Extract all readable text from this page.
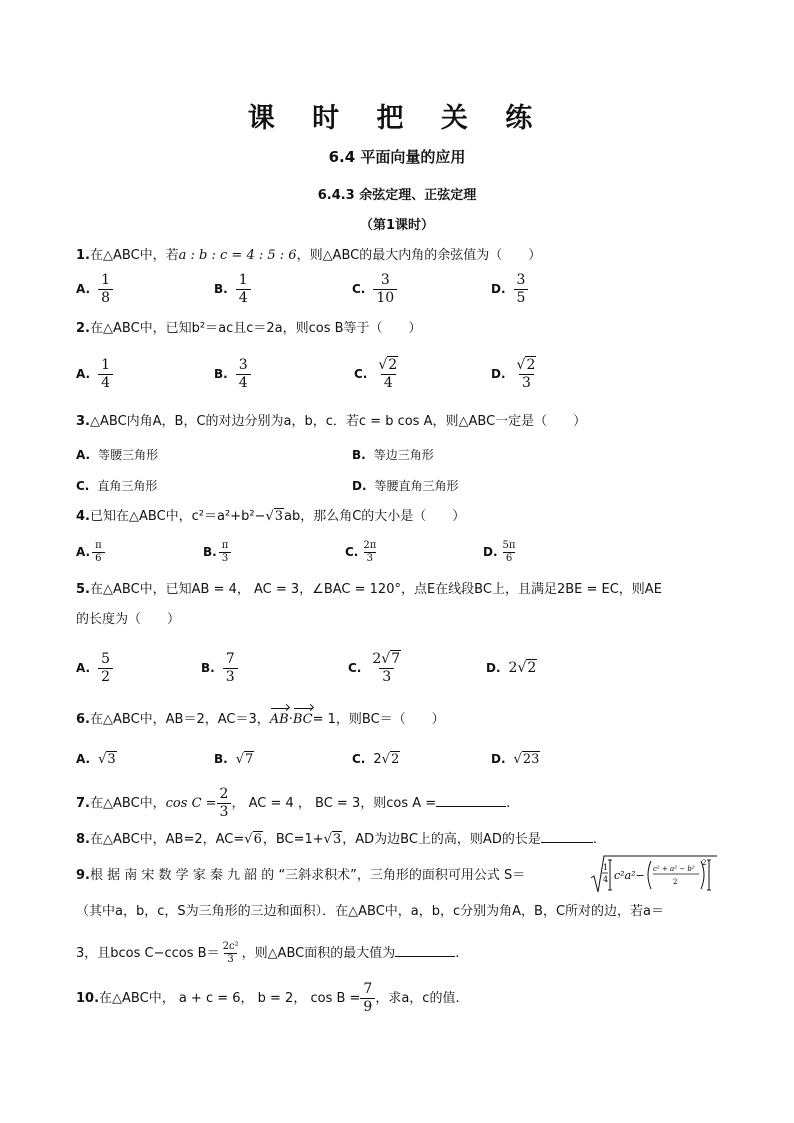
课 时 把 关 练
6.4 平面向量的应用
6.4.3 余弦定理、正弦定理
（第1课时）
1.在△ABC中，若a : b : c = 4 : 5 : 6，则△ABC的最大内角的余弦值为（　　）
A. $\frac{1}{8}$	B. $\frac{1}{4}$	C. $\frac{3}{10}$	D. $\frac{3}{5}$
2.在△ABC中，已知b²＝ac且c＝2a，则cos B等于（　　）
A. $\frac{1}{4}$	B. $\frac{3}{4}$	C. $\frac{√2}{4}$	D. $\frac{√2}{3}$
3.△ABC内角A，B，C的对边分别为a，b，c．若c = b cos A，则△ABC一定是（　　）
A. 等腰三角形	B. 等边三角形
C. 直角三角形	D. 等腰直角三角形
4.已知在△ABC中，c²＝a²+b²−√3ab，那么角C的大小是（　　）
A. $\frac{\pi}{6}$	B. $\frac{\pi}{3}$	C. $\frac{2\pi}{3}$	D. $\frac{5\pi}{6}$
5.在△ABC中，已知AB = 4， AC = 3，∠BAC = 120°，点E在线段BC上，且满足2BE = EC，则AE
的长度为（　　）
A. $\frac{5}{2}$	B. $\frac{7}{3}$	C. $\frac{2√7}{3}$	D. 2√2
6.在△ABC中，AB＝2，AC＝3，AB·BC= 1，则BC＝（　　）
A. √3	B. √7	C. 2√2	D. √23
7.在△ABC中，$\cos C = \frac{2}{3}$ ， AC = 4 ， BC = 3，则cos A =	.
8.在△ABC中，AB=2，AC=√6，BC=1+√3，AD为边BC上的高，则AD的长是	.
9.根 据 南 宋 数 学 家 秦 九 韶 的 “三斜求积术”，三角形的面积可用公式 S＝
1
4 c²a²− c² + a² − b²
2
2
（其中a，b，c，S为三角形的三边和面积）．在△ABC中，a，b，c分别为角A，B，C所对的边，若a＝
3，且bcos C−ccos $B= \frac{\text{2c²}}{3}$ ，则△ABC面积的最大值为	.
10.在△ABC中， a + c = 6， b = 2， $\cos B = \frac{7}{9}$ ，求a，c的值.
